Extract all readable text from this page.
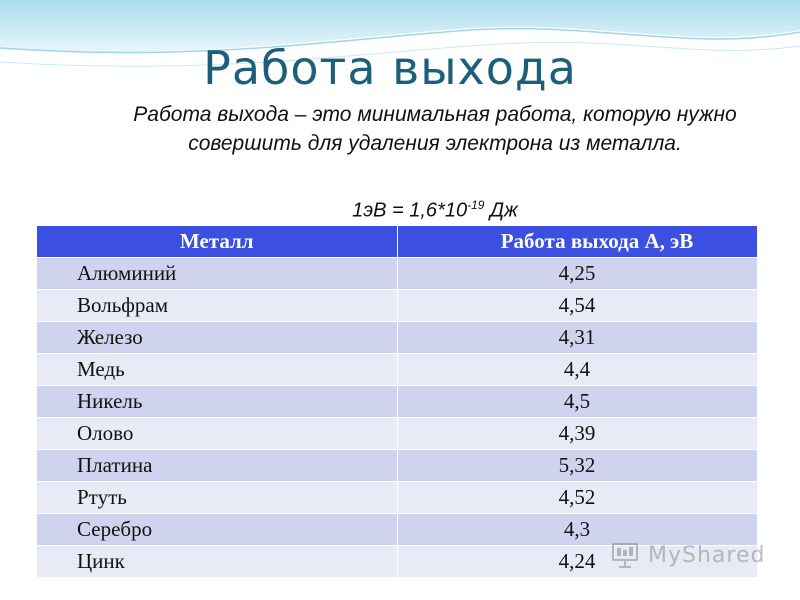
Работа выхода
Работа выхода – это минимальная работа, которую нужно совершить для удаления электрона из металла.
$1эВ = 1,6*10^{-19}$ Дж
Металл	Работа выхода А, эВ
Алюминий	4,25
Вольфрам	4,54
Железо	4,31
Медь	4,4
Никель	4,5
Олово	4,39
Платина	5,32
Ртуть	4,52
Серебро	4,3
Цинк	4,24 MyShared
